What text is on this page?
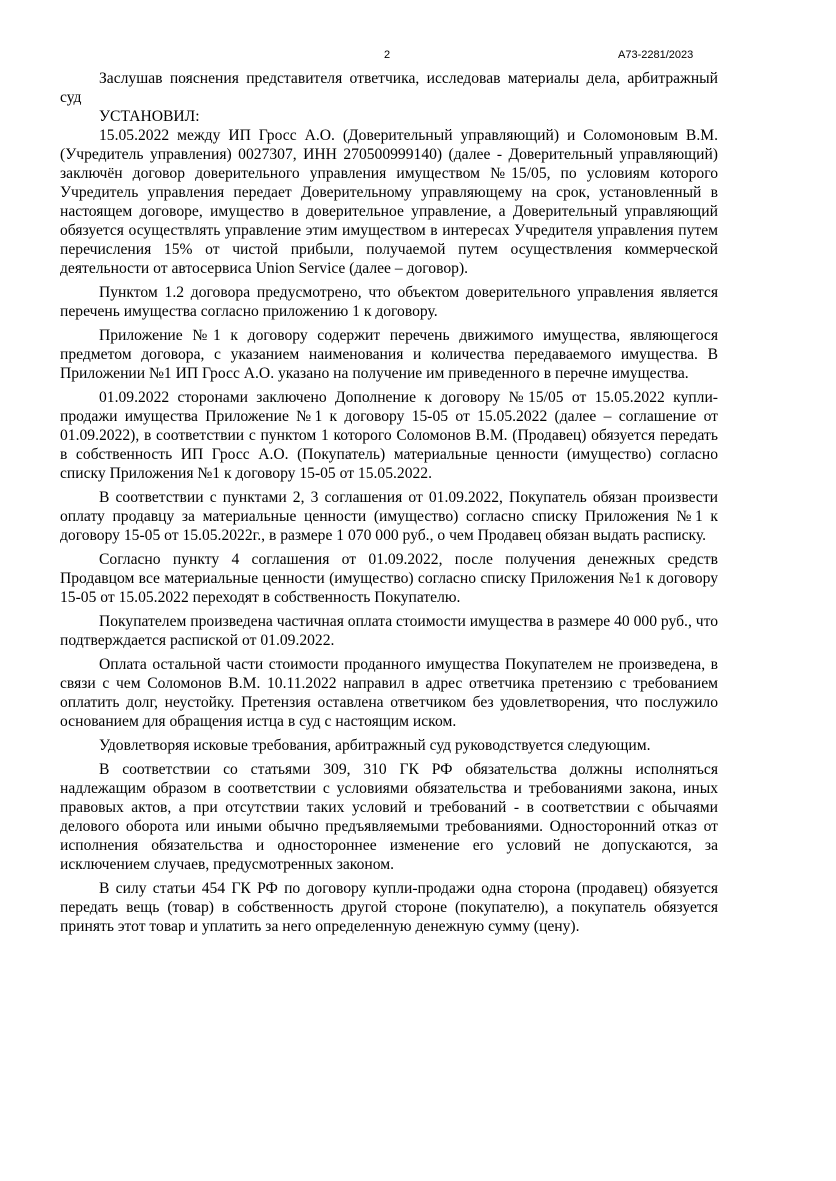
2	А73-2281/2023

Заслушав пояснения представителя ответчика, исследовав материалы дела, арбитражный суд

УСТАНОВИЛ:

15.05.2022 между ИП Гросс А.О. (Доверительный управляющий) и Соломоновым В.М. (Учредитель управления) 0027307, ИНН 270500999140) (далее - Доверительный управляющий) заключён договор доверительного управления имуществом №15/05, по условиям которого Учредитель управления передает Доверительному управляющему на срок, установленный в настоящем договоре, имущество в доверительное управление, а Доверительный управляющий обязуется осуществлять управление этим имуществом в интересах Учредителя управления путем перечисления 15% от чистой прибыли, получаемой путем осуществления коммерческой деятельности от автосервиса Union Service (далее – договор).

Пунктом 1.2 договора предусмотрено, что объектом доверительного управления является перечень имущества согласно приложению 1 к договору.

Приложение №1 к договору содержит перечень движимого имущества, являющегося предметом договора, с указанием наименования и количества передаваемого имущества. В Приложении №1 ИП Гросс А.О. указано на получение им приведенного в перечне имущества.

01.09.2022 сторонами заключено Дополнение к договору №15/05 от 15.05.2022 купли-продажи имущества Приложение №1 к договору 15-05 от 15.05.2022 (далее – соглашение от 01.09.2022), в соответствии с пунктом 1 которого Соломонов В.М. (Продавец) обязуется передать в собственность ИП Гросс А.О. (Покупатель) материальные ценности (имущество) согласно списку Приложения №1 к договору 15-05 от 15.05.2022.

В соответствии с пунктами 2, 3 соглашения от 01.09.2022, Покупатель обязан произвести оплату продавцу за материальные ценности (имущество) согласно списку Приложения №1 к договору 15-05 от 15.05.2022г., в размере 1 070 000 руб., о чем Продавец обязан выдать расписку.

Согласно пункту 4 соглашения от 01.09.2022, после получения денежных средств Продавцом все материальные ценности (имущество) согласно списку Приложения №1 к договору 15-05 от 15.05.2022 переходят в собственность Покупателю.

Покупателем произведена частичная оплата стоимости имущества в размере 40 000 руб., что подтверждается распиской от 01.09.2022.

Оплата остальной части стоимости проданного имущества Покупателем не произведена, в связи с чем Соломонов В.М. 10.11.2022 направил в адрес ответчика претензию с требованием оплатить долг, неустойку. Претензия оставлена ответчиком без удовлетворения, что послужило основанием для обращения истца в суд с настоящим иском.

Удовлетворяя исковые требования, арбитражный суд руководствуется следующим.

В соответствии со статьями 309, 310 ГК РФ обязательства должны исполняться надлежащим образом в соответствии с условиями обязательства и требованиями закона, иных правовых актов, а при отсутствии таких условий и требований - в соответствии с обычаями делового оборота или иными обычно предъявляемыми требованиями. Односторонний отказ от исполнения обязательства и одностороннее изменение его условий не допускаются, за исключением случаев, предусмотренных законом.

В силу статьи 454 ГК РФ по договору купли-продажи одна сторона (продавец) обязуется передать вещь (товар) в собственность другой стороне (покупателю), а покупатель обязуется принять этот товар и уплатить за него определенную денежную сумму (цену).
